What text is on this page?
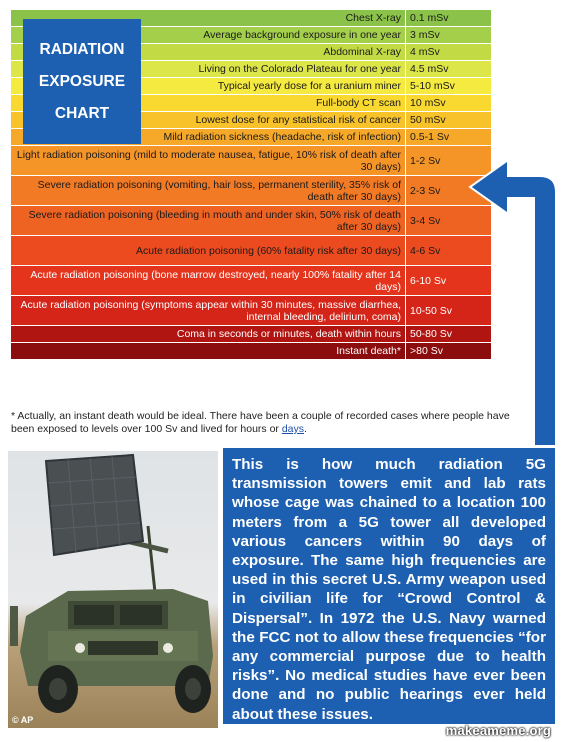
Chest X-ray 0.1 mSv
Average background exposure in one year 3 mSv
Abdominal X-ray 4 mSv
Living on the Colorado Plateau for one year 4.5 mSv
Typical yearly dose for a uranium miner 5-10 mSv
Full-body CT scan 10 mSv
Lowest dose for any statistical risk of cancer 50 mSv
Mild radiation sickness (headache, risk of infection) 0.5-1 Sv
Light radiation poisoning (mild to moderate nausea, fatigue, 10% risk of death after 30 days) 1-2 Sv
Severe radiation poisoning (vomiting, hair loss, permanent sterility, 35% risk of death after 30 days) 2-3 Sv
Severe radiation poisoning (bleeding in mouth and under skin, 50% risk of death after 30 days) 3-4 Sv
Acute radiation poisoning (60% fatality risk after 30 days) 4-6 Sv
Acute radiation poisoning (bone marrow destroyed, nearly 100% fatality after 14 days) 6-10 Sv
Acute radiation poisoning (symptoms appear within 30 minutes, massive diarrhea, internal bleeding, delirium, coma) 10-50 Sv
Coma in seconds or minutes, death within hours 50-80 Sv
Instant death* >80 Sv
RADIATION
EXPOSURE
CHART
* Actually, an instant death would be ideal. There have been a couple of recorded cases where people have been exposed to levels over 100 Sv and lived for hours or days.
© AP
This is how much radiation 5G transmission towers emit and lab rats whose cage was chained to a location 100 meters from a 5G tower all developed various cancers within 90 days of exposure. The same high frequencies are used in this secret U.S. Army weapon used in civilian life for “Crowd Control & Dispersal”. In 1972 the U.S. Navy warned the FCC not to allow these frequencies “for any commercial purpose due to health risks”. No medical studies have ever been done and no public hearings ever held about these issues.
makeameme.org
